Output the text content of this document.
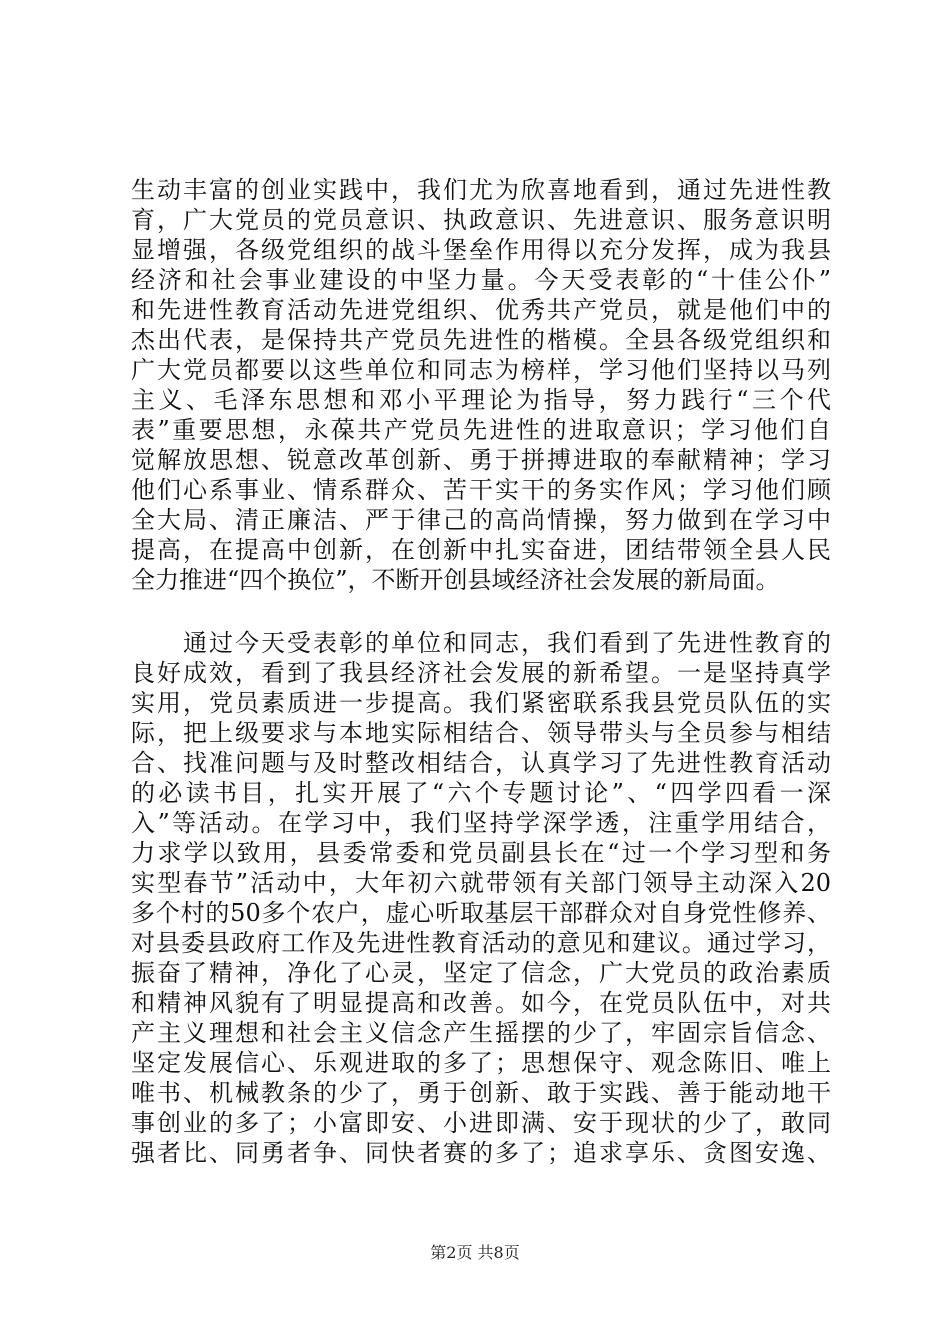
生动丰富的创业实践中，我们尤为欣喜地看到，通过先进性教
育，广大党员的党员意识、执政意识、先进意识、服务意识明
显增强，各级党组织的战斗堡垒作用得以充分发挥，成为我县
经济和社会事业建设的中坚力量。今天受表彰的“十佳公仆”
和先进性教育活动先进党组织、优秀共产党员，就是他们中的
杰出代表，是保持共产党员先进性的楷模。全县各级党组织和
广大党员都要以这些单位和同志为榜样，学习他们坚持以马列
主义、毛泽东思想和邓小平理论为指导，努力践行“三个代
表”重要思想，永葆共产党员先进性的进取意识；学习他们自
觉解放思想、锐意改革创新、勇于拼搏进取的奉献精神；学习
他们心系事业、情系群众、苦干实干的务实作风；学习他们顾
全大局、清正廉洁、严于律己的高尚情操，努力做到在学习中
提高，在提高中创新，在创新中扎实奋进，团结带领全县人民
全力推进“四个换位”，不断开创县域经济社会发展的新局面。
通过今天受表彰的单位和同志，我们看到了先进性教育的
良好成效，看到了我县经济社会发展的新希望。一是坚持真学
实用，党员素质进一步提高。我们紧密联系我县党员队伍的实
际，把上级要求与本地实际相结合、领导带头与全员参与相结
合、找准问题与及时整改相结合，认真学习了先进性教育活动
的必读书目，扎实开展了“六个专题讨论”、“四学四看一深
入”等活动。在学习中，我们坚持学深学透，注重学用结合，
力求学以致用，县委常委和党员副县长在“过一个学习型和务
实型春节”活动中，大年初六就带领有关部门领导主动深入20
多个村的50多个农户，虚心听取基层干部群众对自身党性修养、
对县委县政府工作及先进性教育活动的意见和建议。通过学习，
振奋了精神，净化了心灵，坚定了信念，广大党员的政治素质
和精神风貌有了明显提高和改善。如今，在党员队伍中，对共
产主义理想和社会主义信念产生摇摆的少了，牢固宗旨信念、
坚定发展信心、乐观进取的多了；思想保守、观念陈旧、唯上
唯书、机械教条的少了，勇于创新、敢于实践、善于能动地干
事创业的多了；小富即安、小进即满、安于现状的少了，敢同
强者比、同勇者争、同快者赛的多了；追求享乐、贪图安逸、
第2页 共8页
